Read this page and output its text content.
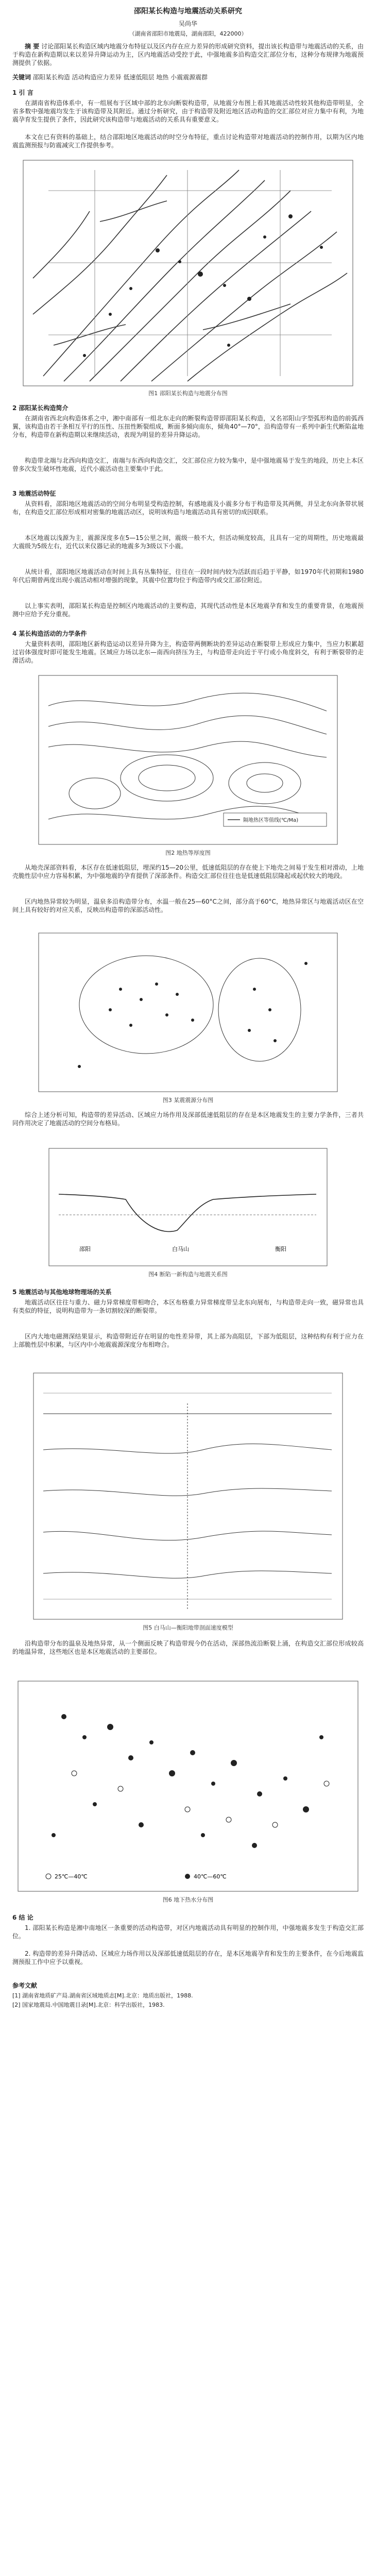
邵阳某长构造与地震活动关系研究
吴尚华
（湖南省邵阳市地震局，湖南邵阳，422000）
摘 要 讨论邵阳某长构造区域内地震分布特征以及区内存在应力差异的形成研究资料，提出该长构造带与地震活动的关系，由于构造在新构造期以来以差异升降运动为主，区内地震活动受控于此，中强地震多沿构造交汇部位分布，这种分布规律为地震预测提供了依据。
关键词 邵阳某长构造 活动构造应力差异 低速低阻层 地热 小震震源震群
1 引 言
在湖南省构造体系中，有一组展布于区域中部的北东向断裂构造带，从地震分布图上看其地震活动性较其他构造带明显，全省多数中强地震均发生于该构造带及其附近。通过分析研究，由于构造带及附近地区活动构造的交汇部位对应力集中有利，为地震孕育发生提供了条件，因此研究该构造带与地震活动的关系具有重要意义。
本文在已有资料的基础上，结合邵阳地区地震活动的时空分布特征，重点讨论构造带对地震活动的控制作用，以期为区内地震监测预报与防震减灾工作提供参考。
图1 邵阳某长构造与地震分布图
2 邵阳某长构造简介
在湖南省西北向构造体系之中，湘中南部有一组北东走向的断裂构造带即邵阳某长构造，又名祁阳山字型弧形构造的前弧西翼，该构造由若干条相互平行的压性、压扭性断裂组成，断面多倾向南东，倾角40°—70°，沿构造带有一系列中新生代断陷盆地分布，构造带在新构造期以来继续活动，表现为明显的差异升降运动。
构造带北端与北西向构造交汇，南端与东西向构造交汇，交汇部位应力较为集中，是中强地震易于发生的地段，历史上本区曾多次发生破坏性地震，近代小震活动也主要集中于此。
3 地震活动特征
从资料看，邵阳地区地震活动的空间分布明显受构造控制，有感地震及小震多分布于构造带及其两侧，并呈北东向条带状展布，在构造交汇部位形成相对密集的地震活动区，说明该构造与地震活动具有密切的成因联系。
本区地震以浅源为主，震源深度多在5—15公里之间，震级一般不大，但活动频度较高，且具有一定的周期性，历史地震最大震级为5级左右，近代以来仪器记录的地震多为3级以下小震。
从统计看，邵阳地区地震活动在时间上具有丛集特征，往往在一段时间内较为活跃而后趋于平静，如1970年代初期和1980年代后期曾两度出现小震活动相对增强的现象，其震中位置均位于构造带内或交汇部位附近。
以上事实表明，邵阳某长构造是控制区内地震活动的主要构造，其现代活动性是本区地震孕育和发生的重要背景，在地震预测中应给予充分重视。
4 某长构造活动的力学条件
大量资料表明，邵阳地区新构造运动以差异升降为主，构造带两侧断块的差异运动在断裂带上形成应力集中，当应力积累超过岩体强度时即可能发生地震。区域应力场以北东—南西向挤压为主，与构造带走向近于平行或小角度斜交，有利于断裂带的走滑活动。
隔地热区等值线(℃/Ma)
图2 地热等厚度图
从地壳深部资料看，本区存在低速低阻层，埋深约15—20公里，低速低阻层的存在使上下地壳之间易于发生相对滑动，上地壳脆性层中应力容易积累，为中强地震的孕育提供了深部条件。构造交汇部位往往也是低速低阻层隆起或起伏较大的地段。
区内地热异常较为明显，温泉多沿构造带分布，水温一般在25—60°C之间，部分高于60°C，地热异常区与地震活动区在空间上具有较好的对应关系，反映出构造带的深部活动性。
图3 某震震源分布图
综合上述分析可知，构造带的差异活动、区域应力场作用及深部低速低阻层的存在是本区地震发生的主要力学条件，三者共同作用决定了地震活动的空间分布格局。
邵阳	白马山	衡阳
图4 断陷一新构造与地震关系图
5 地震活动与其他地球物理场的关系
地震活动区往往与重力、磁力异常梯度带相吻合，本区布格重力异常梯度带呈北东向展布，与构造带走向一致，磁异常也具有类似的特征，说明构造带为一条切割较深的断裂带。
区内大地电磁测深结果显示，构造带附近存在明显的电性差异带，其上部为高阻层，下部为低阻层，这种结构有利于应力在上部脆性层中积累，与区内中小地震震源深度分布相吻合。
图5 白马山—衡阳地带剖面速度模型
沿构造带分布的温泉及地热异常，从一个侧面反映了构造带现今仍在活动，深部热流沿断裂上涌，在构造交汇部位形成较高的地温异常，这些地区也是本区地震活动的主要部位。
25℃—40℃	40℃—60℃
图6 地下热水分布图
6 结 论
1. 邵阳某长构造是湘中南地区一条重要的活动构造带，对区内地震活动具有明显的控制作用，中强地震多发生于构造交汇部位。
2. 构造带的差异升降活动、区域应力场作用以及深部低速低阻层的存在，是本区地震孕育和发生的主要条件，在今后地震监测预报工作中应予以重视。
参考文献
[1] 湖南省地质矿产局.湖南省区域地质志[M].北京：地质出版社，1988.
[2] 国家地震局.中国地震目录[M].北京：科学出版社，1983.
